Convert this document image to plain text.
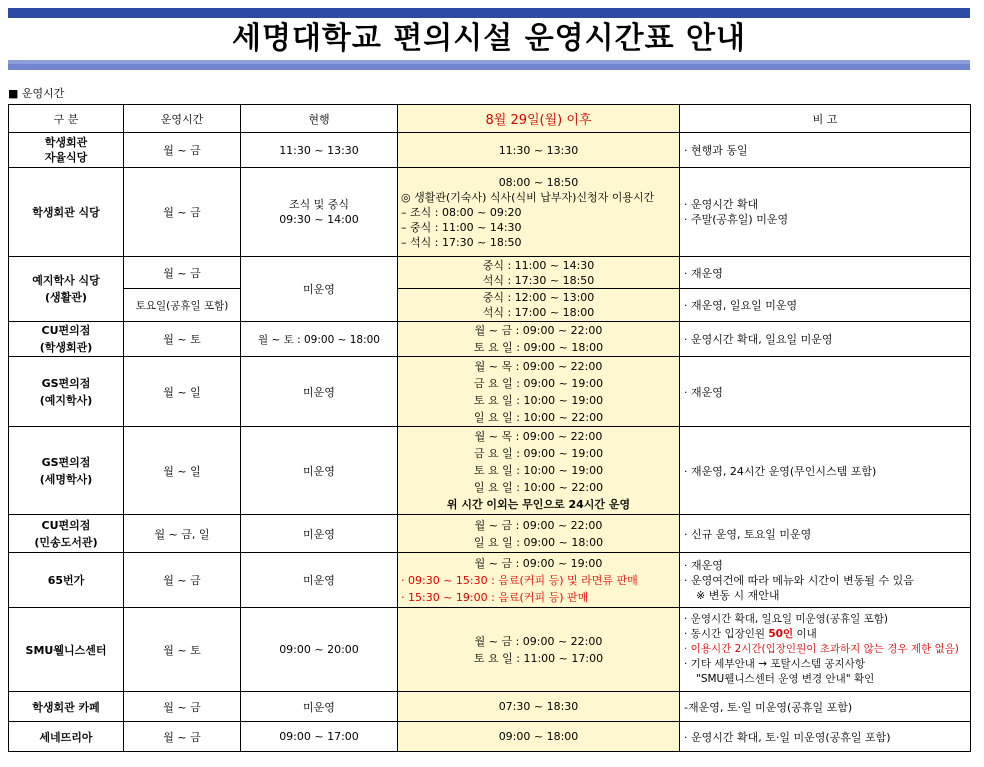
세명대학교 편의시설 운영시간표 안내
■ 운영시간
구 분	운영시간	현행	8월 29일(월) 이후	비 고

학생회관
자율식당	월 ~ 금	11:30 ~ 13:30	11:30 ~ 13:30	· 현행과 동일
학생회관 식당	월 ~ 금	조식 및 중식
09:30 ~ 14:00	08:00 ~ 18:50
◎ 생활관(기숙사) 식사(식비 납부자)신청자 이용시간
– 조식 : 08:00 ~ 09:20
– 중식 : 11:00 ~ 14:30
– 석식 : 17:30 ~ 18:50	· 운영시간 확대
· 주말(공휴일) 미운영

예지학사 식당
(생활관)	월 ~ 금	미운영	중식 : 11:00 ~ 14:30
석식 : 17:30 ~ 18:50	· 재운영
	토요일(공휴일 포함)		중식 : 12:00 ~ 13:00
석식 : 17:00 ~ 18:00	· 재운영, 일요일 미운영

CU편의점
(학생회관)	월 ~ 토	월 ~ 토 : 09:00 ~ 18:00	월 ~ 금 : 09:00 ~ 22:00
토 요 일 : 09:00 ~ 18:00	· 운영시간 확대, 일요일 미운영

GS편의점
(예지학사)	월 ~ 일	미운영	월 ~ 목 : 09:00 ~ 22:00
금 요 일 : 09:00 ~ 19:00
토 요 일 : 10:00 ~ 19:00
일 요 일 : 10:00 ~ 22:00	· 재운영

GS편의점
(세명학사)	월 ~ 일	미운영	월 ~ 목 : 09:00 ~ 22:00
금 요 일 : 09:00 ~ 19:00
토 요 일 : 10:00 ~ 19:00
일 요 일 : 10:00 ~ 22:00
위 시간 이외는 무인으로 24시간 운영	· 재운영, 24시간 운영(무인시스템 포함)

CU편의점
(민송도서관)	월 ~ 금, 일	미운영	월 ~ 금 : 09:00 ~ 22:00
일 요 일 : 09:00 ~ 18:00	· 신규 운영, 토요일 미운영
65번가	월 ~ 금	미운영	월 ~ 금 : 09:00 ~ 19:00
· 09:30 ~ 15:30 : 음료(커피 등) 및 라면류 판매
· 15:30 ~ 19:00 : 음료(커피 등) 판매	· 재운영
· 운영여건에 따라 메뉴와 시간이 변동될 수 있음
※ 변동 시 재안내

SMU웰니스센터	월 ~ 토	09:00 ~ 20:00	월 ~ 금 : 09:00 ~ 22:00
토 요 일 : 11:00 ~ 17:00	· 운영시간 확대, 일요일 미운영(공휴일 포함)
· 동시간 입장인원 50인 이내
· 이용시간 2시간(입장인원이 초과하지 않는 경우 제한 없음)
· 기타 세부안내 → 포탈시스템 공지사항
"SMU웰니스센터 운영 변경 안내" 확인

학생회관 카페	월 ~ 금	미운영	07:30 ~ 18:30	-재운영, 토·일 미운영(공휴일 포함)
세네뜨리아	월 ~ 금	09:00 ~ 17:00	09:00 ~ 18:00	· 운영시간 확대, 토·일 미운영(공휴일 포함)
